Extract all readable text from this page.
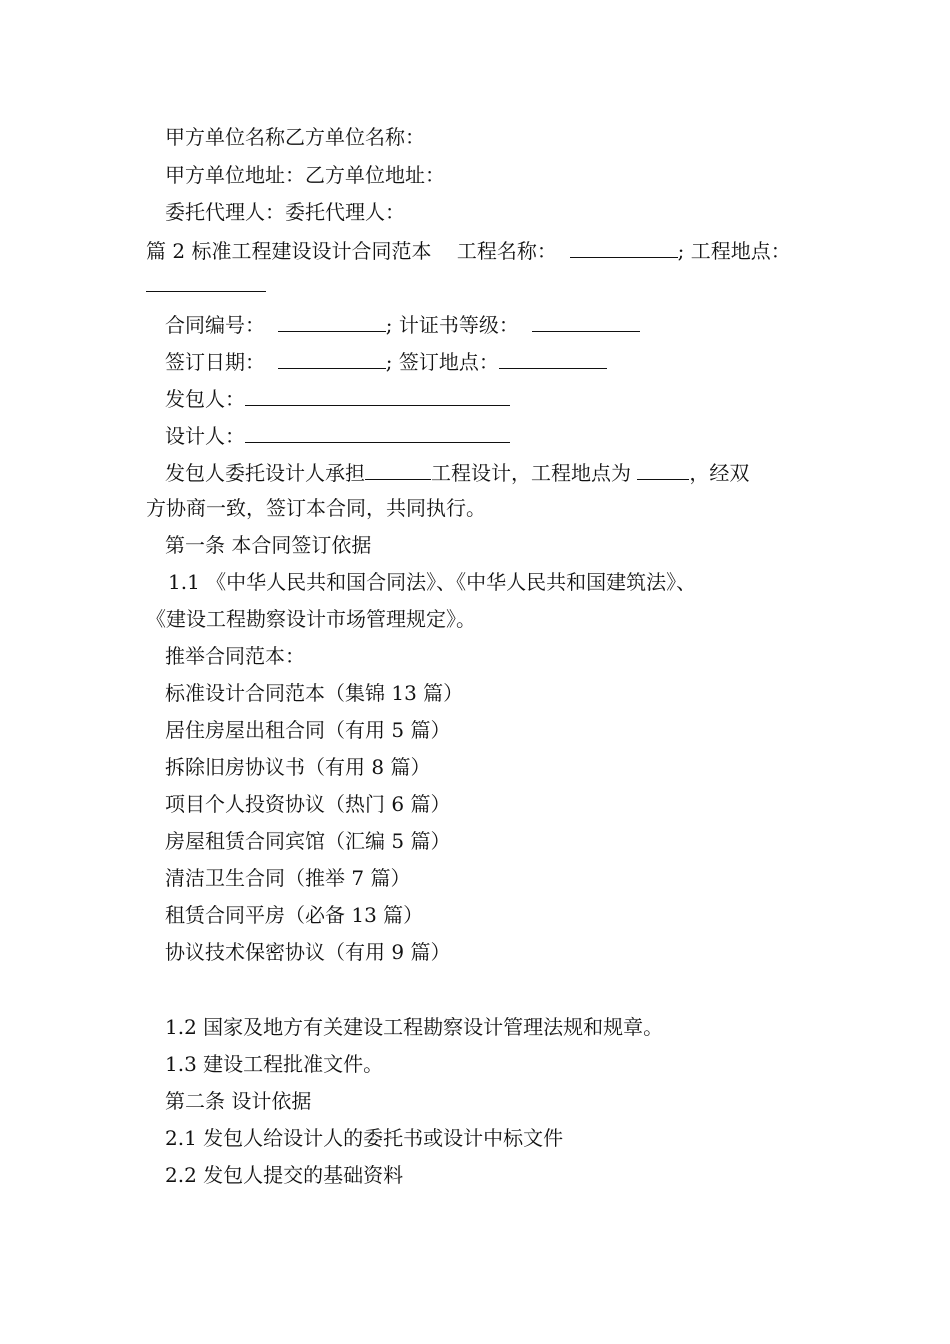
甲方单位名称乙方单位名称：
甲方单位地址：乙方单位地址：
委托代理人：委托代理人：
篇 2 标准工程建设设计合同范本 工程名称：	; 工程地点：
合同编号：	; 计证书等级：
签订日期：	; 签订地点：
发包人：
设计人：
发包人委托设计人承担	工程设计，工程地点为	，经双
方协商一致，签订本合同，共同执行。
第一条 本合同签订依据
1.1 《中华人民共和国合同法》、《中华人民共和国建筑法》、
《建设工程勘察设计市场管理规定》。
推举合同范本：
标准设计合同范本（集锦 13 篇）
居住房屋出租合同（有用 5 篇）
拆除旧房协议书（有用 8 篇）
项目个人投资协议（热门 6 篇）
房屋租赁合同宾馆（汇编 5 篇）
清洁卫生合同（推举 7 篇）
租赁合同平房（必备 13 篇）
协议技术保密协议（有用 9 篇）
1.2 国家及地方有关建设工程勘察设计管理法规和规章。
1.3 建设工程批准文件。
第二条 设计依据
2.1 发包人给设计人的委托书或设计中标文件
2.2 发包人提交的基础资料
